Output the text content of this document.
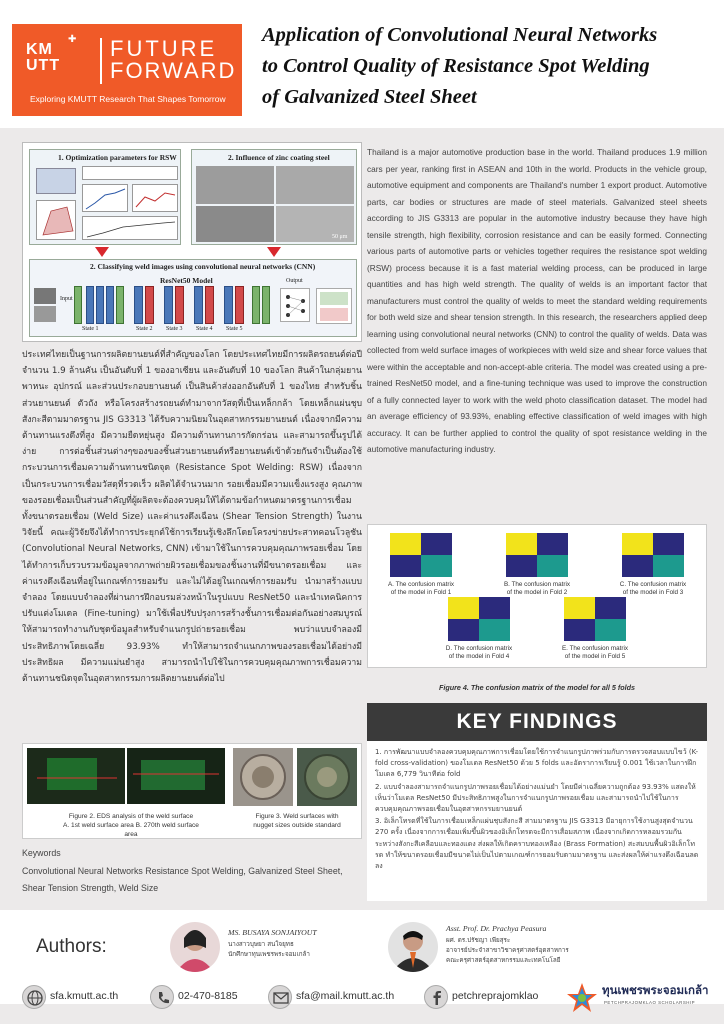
KM UTT
✚ FUTURE
FORWARD
Exploring KMUTT Research That Shapes Tomorrow
Application of Convolutional Neural Networks
to Control Quality of Resistance Spot Welding
of Galvanized Steel Sheet
1. Optimization parameters for RSW	2. Influence of zinc coating steel
50 μm
2. Classifying weld images using convolutional neural networks (CNN)
ResNet50 Model
Input
Output
State 1	State 2 State 3 State 4 State 5
Thailand is a major automotive production base in the world. Thailand produces 1.9 million cars per year, ranking first in ASEAN and 10th in the world. Products in the vehicle group, automotive equipment and components are Thailand's number 1 export product. Automotive parts, car bodies or structures are made of steel materials. Galvanized steel sheets according to JIS G3313 are popular in the automotive industry because they have high tensile strength, high flexibility, corrosion resistance and can be easily formed. Connecting various parts of automotive parts or vehicles together requires the resistance spot welding (RSW) process because it is a fast material welding process, can be produced in large quantities and has high weld strength. The quality of welds is an important factor that manufacturers must control the quality of welds to meet the standard welding requirements for both weld size and shear tension strength. In this research, the researchers applied deep learning using convolutional neural networks (CNN) to control the quality of welds. Data was collected from weld surface images of workpieces with weld size and shear force values that were within the acceptable and non-accept-able criteria. The model was created using a pre-trained ResNet50 model, and a fine-tuning technique was used to improve the construction of a fully connected layer to work with the weld photo classification dataset. The model had an average efficiency of 93.93%, enabling effective classification of weld images with high accuracy. It can be further applied to control the quality of spot resistance welding in the automotive manufacturing industry.
ประเทศไทยเป็นฐานการผลิตยานยนต์ที่สำคัญของโลก โดยประเทศไทยมีการผลิตรถยนต์ต่อปี จำนวน 1.9 ล้านคัน เป็นอันดับที่ 1 ของอาเซียน และอันดับที่ 10 ของโลก สินค้าในกลุ่มยานพาหนะ อุปกรณ์ และส่วนประกอบยานยนต์ เป็นสินค้าส่งออกอันดับที่ 1 ของไทย สำหรับชิ้นส่วนยานยนต์ ตัวถัง หรือโครงสร้างรถยนต์ทำมาจากวัสดุที่เป็นเหล็กกล้า โดยเหล็กแผ่นชุบสังกะสีตามมาตรฐาน JIS G3313 ได้รับความนิยมในอุตสาหกรรมยานยนต์ เนื่องจากมีความต้านทานแรงดึงที่สูง มีความยืดหยุ่นสูง มีความต้านทานการกัดกร่อน และสามารถขึ้นรูปได้ง่าย การต่อชิ้นส่วนต่างๆของของชิ้นส่วนยานยนต์หรือยานยนต์เข้าด้วยกันจำเป็นต้องใช้กระบวนการเชื่อมความต้านทานชนิดจุด (Resistance Spot Welding: RSW) เนื่องจากเป็นกระบวนการเชื่อมวัสดุที่รวดเร็ว ผลิตได้จำนวนมาก รอยเชื่อมมีความแข็งแรงสูง คุณภาพของรอยเชื่อมเป็นส่วนสำคัญที่ผู้ผลิตจะต้องควบคุมให้ได้ตามข้อกำหนดมาตรฐานการเชื่อม ทั้งขนาดรอยเชื่อม (Weld Size) และค่าแรงดึงเฉือน (Shear Tension Strength) ในงานวิจัยนี้ คณะผู้วิจัยจึงได้ทำการประยุกต์ใช้การเรียนรู้เชิงลึกโดยโครงข่ายประสาทคอนโวลูชัน (Convolutional Neural Networks, CNN) เข้ามาใช้ในการควบคุมคุณภาพรอยเชื่อม โดยได้ทำการเก็บรวบรวมข้อมูลจากภาพถ่ายผิวรอยเชื่อมของชิ้นงานที่มีขนาดรอยเชื่อม และค่าแรงดึงเฉือนที่อยู่ในเกณฑ์การยอมรับ และไม่ได้อยู่ในเกณฑ์การยอมรับ นำมาสร้างแบบจำลอง โดยแบบจำลองที่ผ่านการฝึกอบรมล่วงหน้าในรูปแบบ ResNet50 และนำเทคนิคการปรับแต่งโมเดล (Fine-tuning) มาใช้เพื่อปรับปรุงการสร้างชั้นการเชื่อมต่อกันอย่างสมบูรณ์ให้สามารถทำงานกับชุดข้อมูลสำหรับจำแนกรูปถ่ายรอยเชื่อม พบว่าแบบจำลองมีประสิทธิภาพโดยเฉลี่ย 93.93% ทำให้สามารถจำแนกภาพของรอยเชื่อมได้อย่างมีประสิทธิผล มีความแม่นยำสูง สามารถนำไปใช้ในการควบคุมคุณภาพการเชื่อมความต้านทานชนิดจุดในอุตสาหกรรมการผลิตยานยนต์ต่อไป
A. The confusion matrix
of the model in Fold 1
B. The confusion matrix
of the model in Fold 2
C. The confusion matrix
of the model in Fold 3
D. The confusion matrix
of the model in Fold 4
E. The confusion matrix
of the model in Fold 5
Figure 4. The confusion matrix of the model for all 5 folds
KEY FINDINGS

1. การพัฒนาแบบจำลองควบคุมคุณภาพการเชื่อมโดยใช้การจำแนกรูปภาพร่วมกับการตรวจสอบแบบไขว้ (K-fold cross-validation) ของโมเดล ResNet50 ด้วย 5 folds และอัตราการเรียนรู้ 0.001 ใช้เวลาในการฝึกโมเดล 6,779 วินาทีต่อ fold

2. แบบจำลองสามารถจำแนกรูปภาพรอยเชื่อมได้อย่างแม่นยำ โดยมีค่าเฉลี่ยความถูกต้อง 93.93% แสดงให้เห็นว่าโมเดล ResNet50 มีประสิทธิภาพสูงในการจำแนกรูปภาพรอยเชื่อม และสามารถนำไปใช้ในการควบคุมคุณภาพรอยเชื่อมในอุตสาหกรรมยานยนต์

3. อิเล็กโทรดที่ใช้ในการเชื่อมเหล็กแผ่นชุบสังกะสี สามมาตรฐาน JIS G3313 มีอายุการใช้งานสูงสุดจำนวน 270 ครั้ง เนื่องจากการเชื่อมเพิ่มขึ้นผิวของอิเล็กโทรดจะมีการเสื่อมสภาพ เนื่องจากเกิดการหลอมรวมกันระหว่างสังกะสีเคลือบและทองแดง ส่งผลให้เกิดคราบทองเหลือง (Brass Formation) สะสมบนพื้นผิวอิเล็กโทรด ทำให้ขนาดรอยเชื่อมมีขนาดไม่เป็นไปตามเกณฑ์การยอมรับตามมาตรฐาน และส่งผลให้ค่าแรงดึงเฉือนลดลง

Figure 2. EDS analysis of the weld surface
A. 1st weld surface area B. 270th weld surface area
Figure 3. Weld surfaces with
nugget sizes outside standard
Keywords
Convolutional Neural Networks Resistance Spot Welding, Galvanized Steel Sheet, Shear Tension Strength, Weld Size
Authors:
MS. BUSAYA SONJAIYOUT
นางสาวบุษยา สนใจยุทธ
นักศึกษาทุนเพชรพระจอมเกล้า
Asst. Prof. Dr. Prachya Peasura
ผศ. ดร.ปรัชญา เพียสุระ
อาจารย์ประจำสาขาวิชาครุศาสตร์อุตสาหการ
คณะครุศาสตร์อุตสาหกรรมและเทคโนโลยี
sfa.kmutt.ac.th	02-470-8185	sfa@mail.kmutt.ac.th	petchreprajomklao	ทุนเพชรพระจอมเกล้า
PETCHPRAJOMKLAO SCHOLARSHIP
